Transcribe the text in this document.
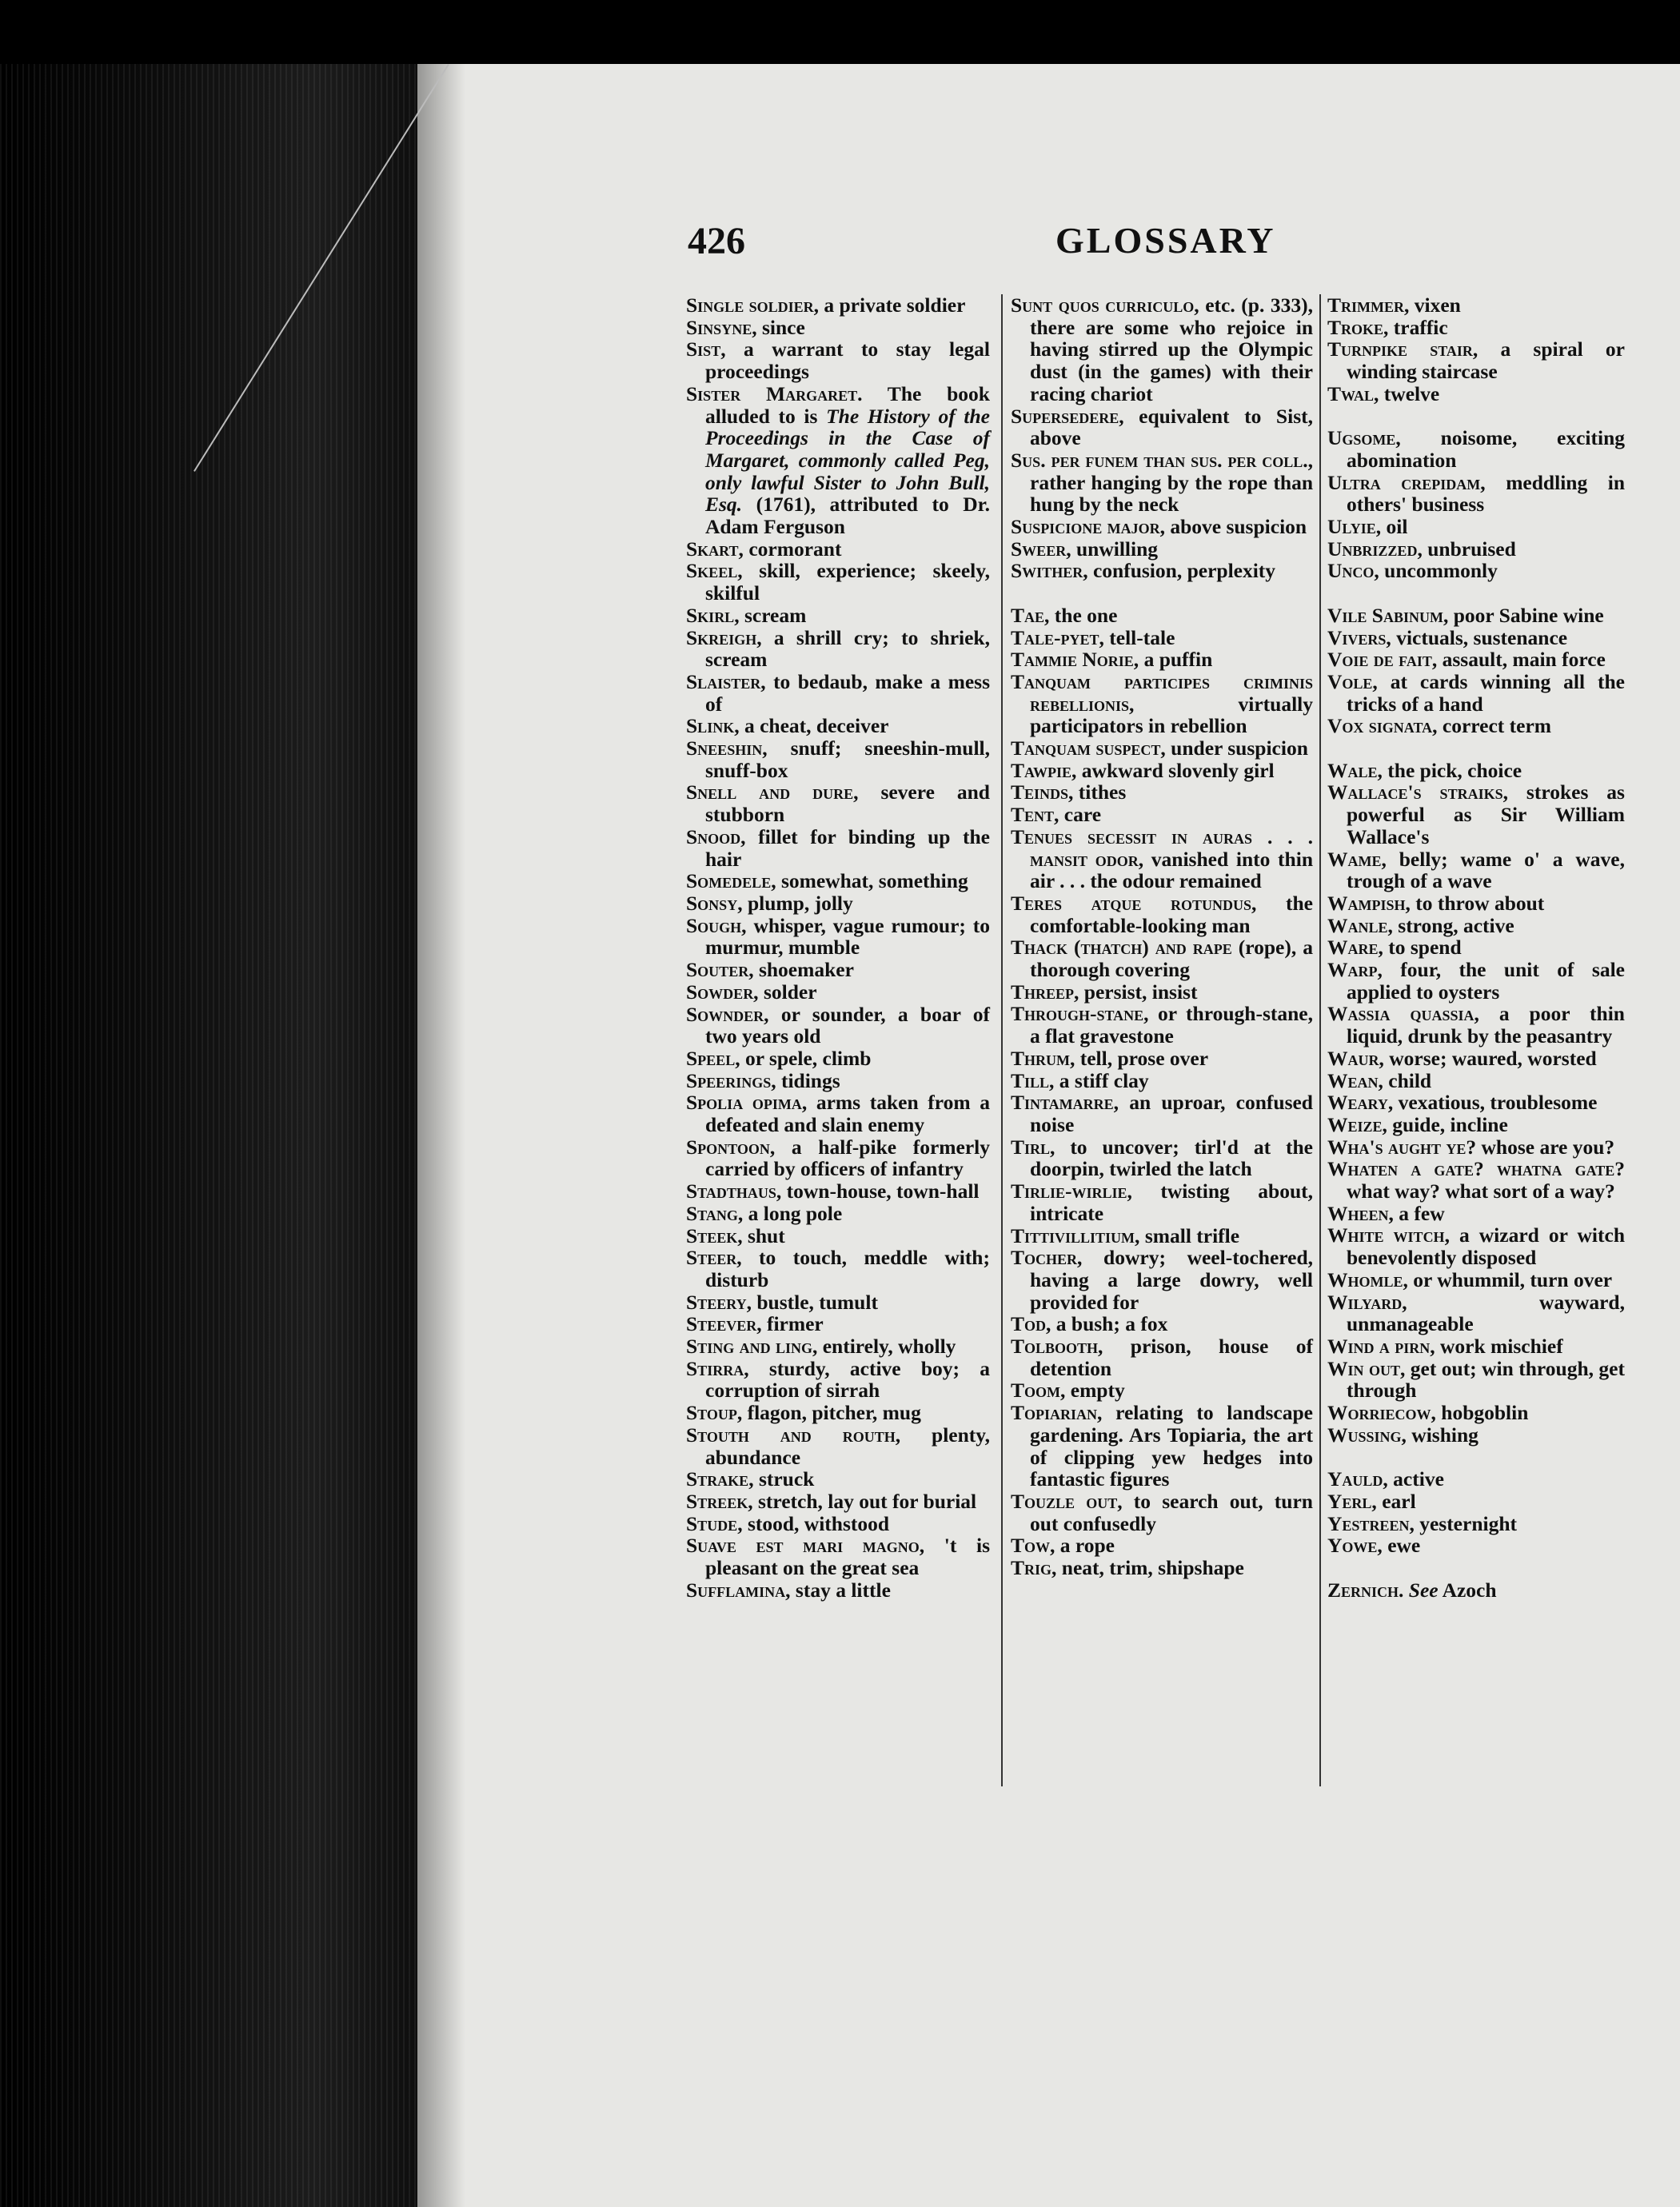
426	GLOSSARY

Single soldier, a private soldier

Sinsyne, since

Sist, a warrant to stay legal proceedings

Sister Margaret. The book alluded to is The History of the Proceedings in the Case of Margaret, commonly called Peg, only lawful Sister to John Bull, Esq. (1761), attributed to Dr. Adam Ferguson

Skart, cormorant

Skeel, skill, experience; skeely, skilful

Skirl, scream

Skreigh, a shrill cry; to shriek, scream

Slaister, to bedaub, make a mess of

Slink, a cheat, deceiver

Sneeshin, snuff; sneeshin-mull, snuff-box

Snell and dure, severe and stubborn

Snood, fillet for binding up the hair

Somedele, somewhat, something

Sonsy, plump, jolly

Sough, whisper, vague rumour; to murmur, mumble

Souter, shoemaker

Sowder, solder

Sownder, or sounder, a boar of two years old

Speel, or spele, climb

Speerings, tidings

Spolia opima, arms taken from a defeated and slain enemy

Spontoon, a half-pike formerly carried by officers of infantry

Stadthaus, town-house, town-hall

Stang, a long pole

Steek, shut

Steer, to touch, meddle with; disturb

Steery, bustle, tumult

Steever, firmer

Sting and ling, entirely, wholly

Stirra, sturdy, active boy; a corruption of sirrah

Stoup, flagon, pitcher, mug

Stouth and routh, plenty, abundance

Strake, struck

Streek, stretch, lay out for burial

Stude, stood, withstood

Suave est mari magno, 't is pleasant on the great sea

Sufflamina, stay a little

Sunt quos curriculo, etc. (p. 333), there are some who rejoice in having stirred up the Olympic dust (in the games) with their racing chariot

Supersedere, equivalent to Sist, above

Sus. per funem than sus. per coll., rather hanging by the rope than hung by the neck

Suspicione major, above suspicion

Sweer, unwilling

Swither, confusion, perplexity

Tae, the one

Tale-pyet, tell-tale

Tammie Norie, a puffin

Tanquam participes criminis rebellionis, virtually participators in rebellion

Tanquam suspect, under suspicion

Tawpie, awkward slovenly girl

Teinds, tithes

Tent, care

Tenues secessit in auras . . . mansit odor, vanished into thin air . . . the odour remained

Teres atque rotundus, the comfortable-looking man

Thack (thatch) and rape (rope), a thorough covering

Threep, persist, insist

Through-stane, or through-stane, a flat gravestone

Thrum, tell, prose over

Till, a stiff clay

Tintamarre, an uproar, confused noise

Tirl, to uncover; tirl'd at the doorpin, twirled the latch

Tirlie-wirlie, twisting about, intricate

Tittivillitium, small trifle

Tocher, dowry; weel-tochered, having a large dowry, well provided for

Tod, a bush; a fox

Tolbooth, prison, house of detention

Toom, empty

Topiarian, relating to landscape gardening. Ars Topiaria, the art of clipping yew hedges into fantastic figures

Touzle out, to search out, turn out confusedly

Tow, a rope

Trig, neat, trim, shipshape

Trimmer, vixen

Troke, traffic

Turnpike stair, a spiral or winding staircase

Twal, twelve

Ugsome, noisome, exciting abomination

Ultra crepidam, meddling in others' business

Ulyie, oil

Unbrizzed, unbruised

Unco, uncommonly

Vile Sabinum, poor Sabine wine

Vivers, victuals, sustenance

Voie de fait, assault, main force

Vole, at cards winning all the tricks of a hand

Vox signata, correct term

Wale, the pick, choice

Wallace's straiks, strokes as powerful as Sir William Wallace's

Wame, belly; wame o' a wave, trough of a wave

Wampish, to throw about

Wanle, strong, active

Ware, to spend

Warp, four, the unit of sale applied to oysters

Wassia quassia, a poor thin liquid, drunk by the peasantry

Waur, worse; waured, worsted

Wean, child

Weary, vexatious, troublesome

Weize, guide, incline

Wha's aught ye? whose are you?

Whaten a gate? whatna gate? what way? what sort of a way?

Wheen, a few

White witch, a wizard or witch benevolently disposed

Whomle, or whummil, turn over

Wilyard, wayward, unmanageable

Wind a pirn, work mischief

Win out, get out; win through, get through

Worriecow, hobgoblin

Wussing, wishing

Yauld, active

Yerl, earl

Yestreen, yesternight

Yowe, ewe

Zernich. See Azoch
